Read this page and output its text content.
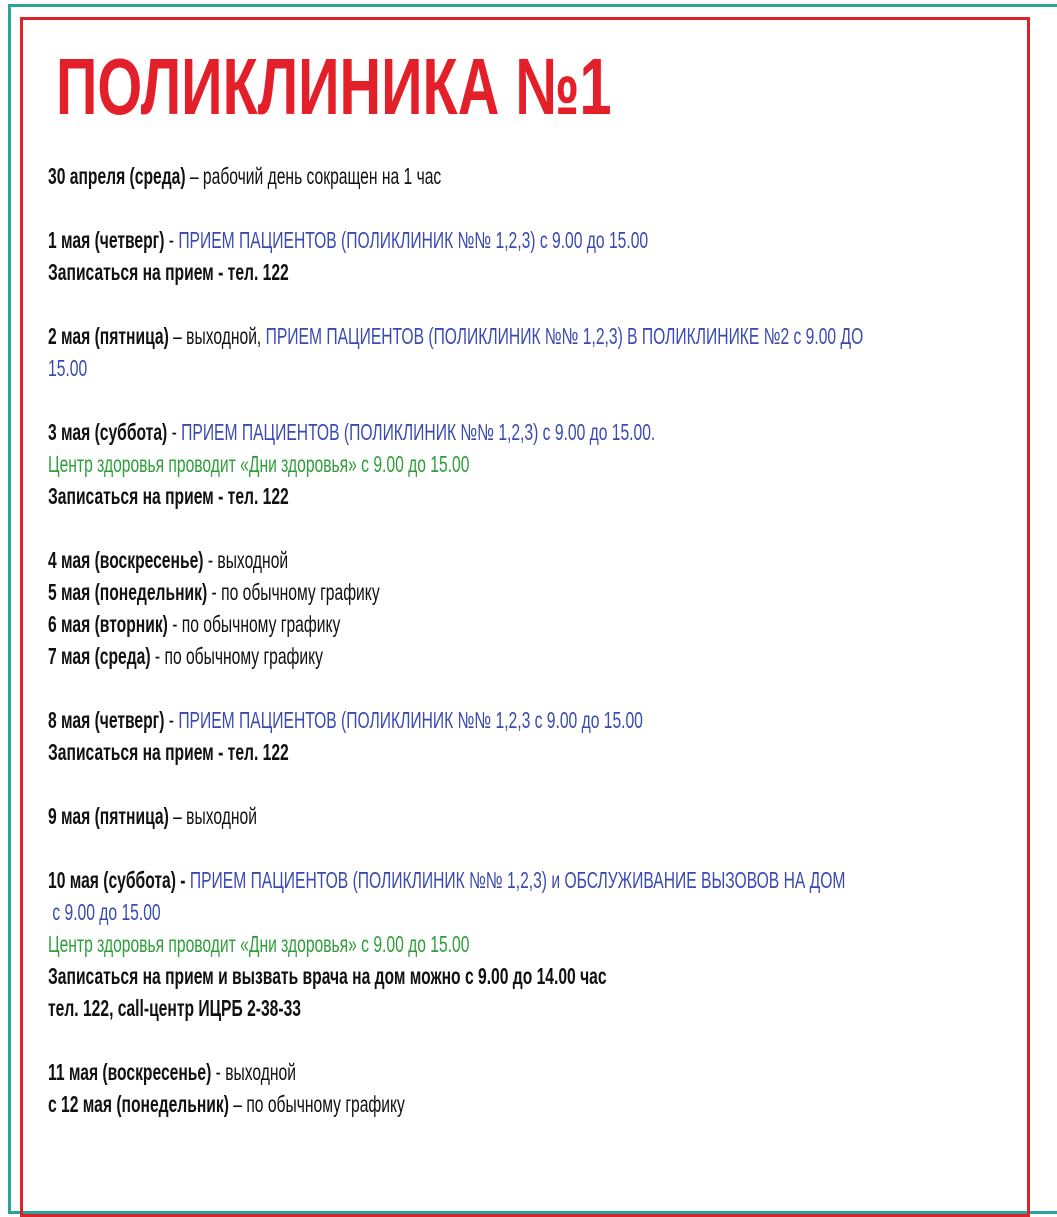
ПОЛИКЛИНИКА №1
30 апреля (среда) – рабочий день сокращен на 1 час
1 мая (четверг) - ПРИЕМ ПАЦИЕНТОВ (ПОЛИКЛИНИК №№ 1,2,3) с 9.00 до 15.00
Записаться на прием - тел. 122
2 мая (пятница) – выходной, ПРИЕМ ПАЦИЕНТОВ (ПОЛИКЛИНИК №№ 1,2,3) В ПОЛИКЛИНИКЕ №2 с 9.00 ДО
15.00
3 мая (суббота) - ПРИЕМ ПАЦИЕНТОВ (ПОЛИКЛИНИК №№ 1,2,3) с 9.00 до 15.00.
Центр здоровья проводит «Дни здоровья» с 9.00 до 15.00
Записаться на прием - тел. 122
4 мая (воскресенье) - выходной
5 мая (понедельник) - по обычному графику
6 мая (вторник) - по обычному графику
7 мая (среда) - по обычному графику
8 мая (четверг) - ПРИЕМ ПАЦИЕНТОВ (ПОЛИКЛИНИК №№ 1,2,3 с 9.00 до 15.00
Записаться на прием - тел. 122
9 мая (пятница) – выходной
10 мая (суббота) - ПРИЕМ ПАЦИЕНТОВ (ПОЛИКЛИНИК №№ 1,2,3) и ОБСЛУЖИВАНИЕ ВЫЗОВОВ НА ДОМ
с 9.00 до 15.00
Центр здоровья проводит «Дни здоровья» с 9.00 до 15.00
Записаться на прием и вызвать врача на дом можно с 9.00 до 14.00 час
тел. 122, call-центр ИЦРБ 2-38-33
11 мая (воскресенье) - выходной
с 12 мая (понедельник) – по обычному графику
